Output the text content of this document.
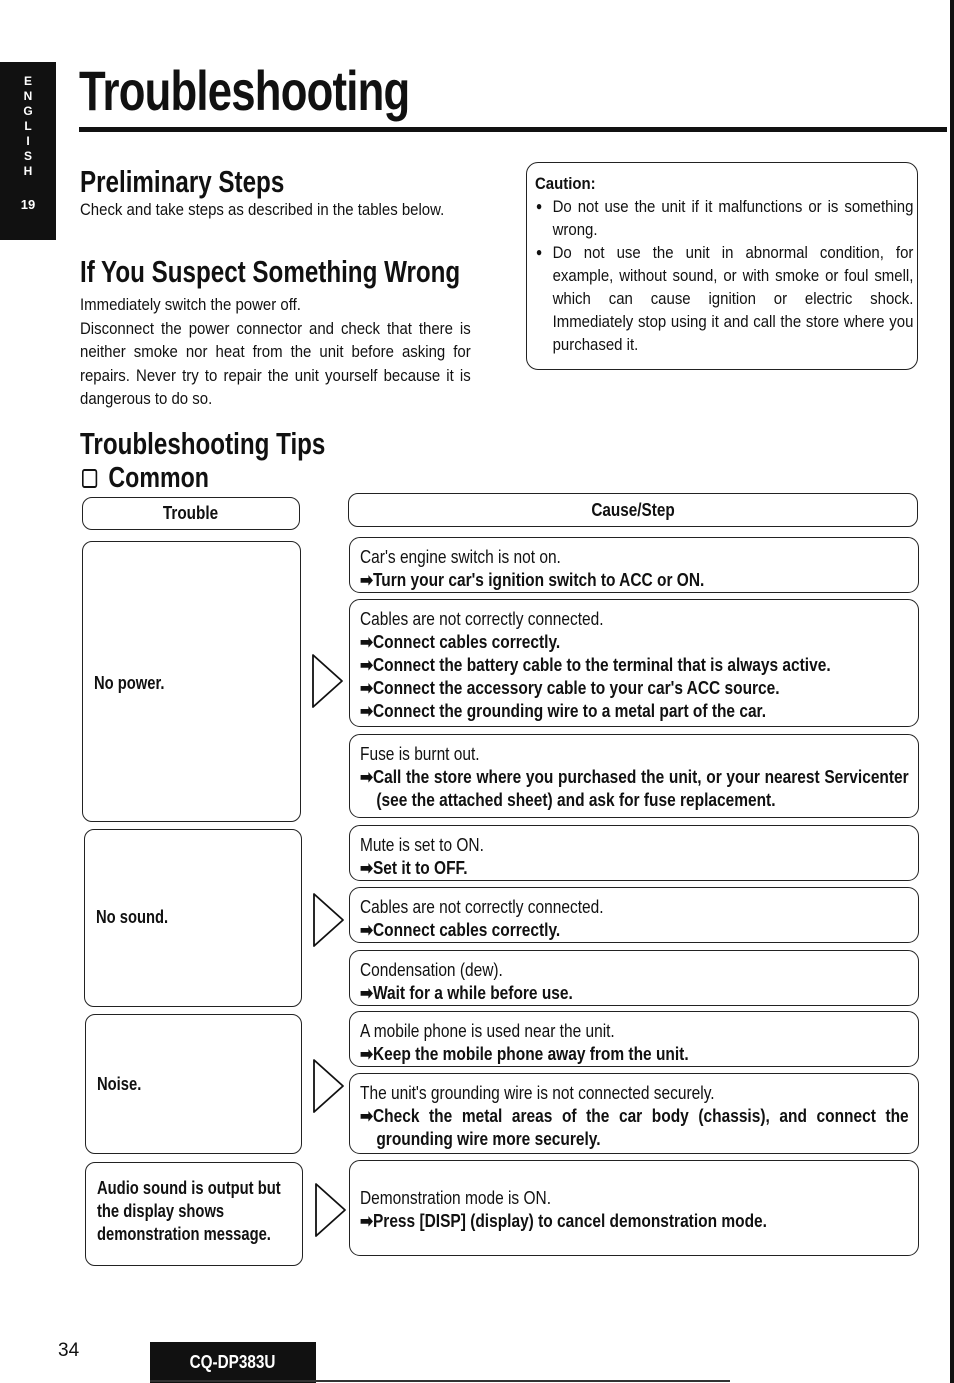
E
N
G
L
I
S
H
19
Troubleshooting
Preliminary Steps
Check and take steps as described in the tables below.
If You Suspect Something Wrong
Immediately switch the power off.
Disconnect the power connector and check that there is neither smoke nor heat from the unit before asking for repairs. Never try to repair the unit yourself because it is dangerous to do so.
Caution:
● Do not use the unit if it malfunctions or is something wrong.
● Do not use the unit in abnormal condition, for example, without sound, or with smoke or foul smell, which can cause ignition or electric shock. Immediately stop using it and call the store where you purchased it.
Troubleshooting Tips
Common
Trouble	Cause/Step
No power.
No sound.
Noise.
Audio sound is output but the display shows demonstration message.
Car's engine switch is not on.
➡Turn your car's ignition switch to ACC or ON.
Cables are not correctly connected.
➡Connect cables correctly.
➡Connect the battery cable to the terminal that is always active.
➡Connect the accessory cable to your car's ACC source.
➡Connect the grounding wire to a metal part of the car.
Fuse is burnt out.
➡Call the store where you purchased the unit, or your nearest Servicenter (see the attached sheet) and ask for fuse replacement.
Mute is set to ON.
➡Set it to OFF.
Cables are not correctly connected.
➡Connect cables correctly.
Condensation (dew).
➡Wait for a while before use.
A mobile phone is used near the unit.
➡Keep the mobile phone away from the unit.
The unit's grounding wire is not connected securely.
➡Check the metal areas of the car body (chassis), and connect the grounding wire more securely.
Demonstration mode is ON.
➡Press [DISP] (display) to cancel demonstration mode.
34
CQ-DP383U
